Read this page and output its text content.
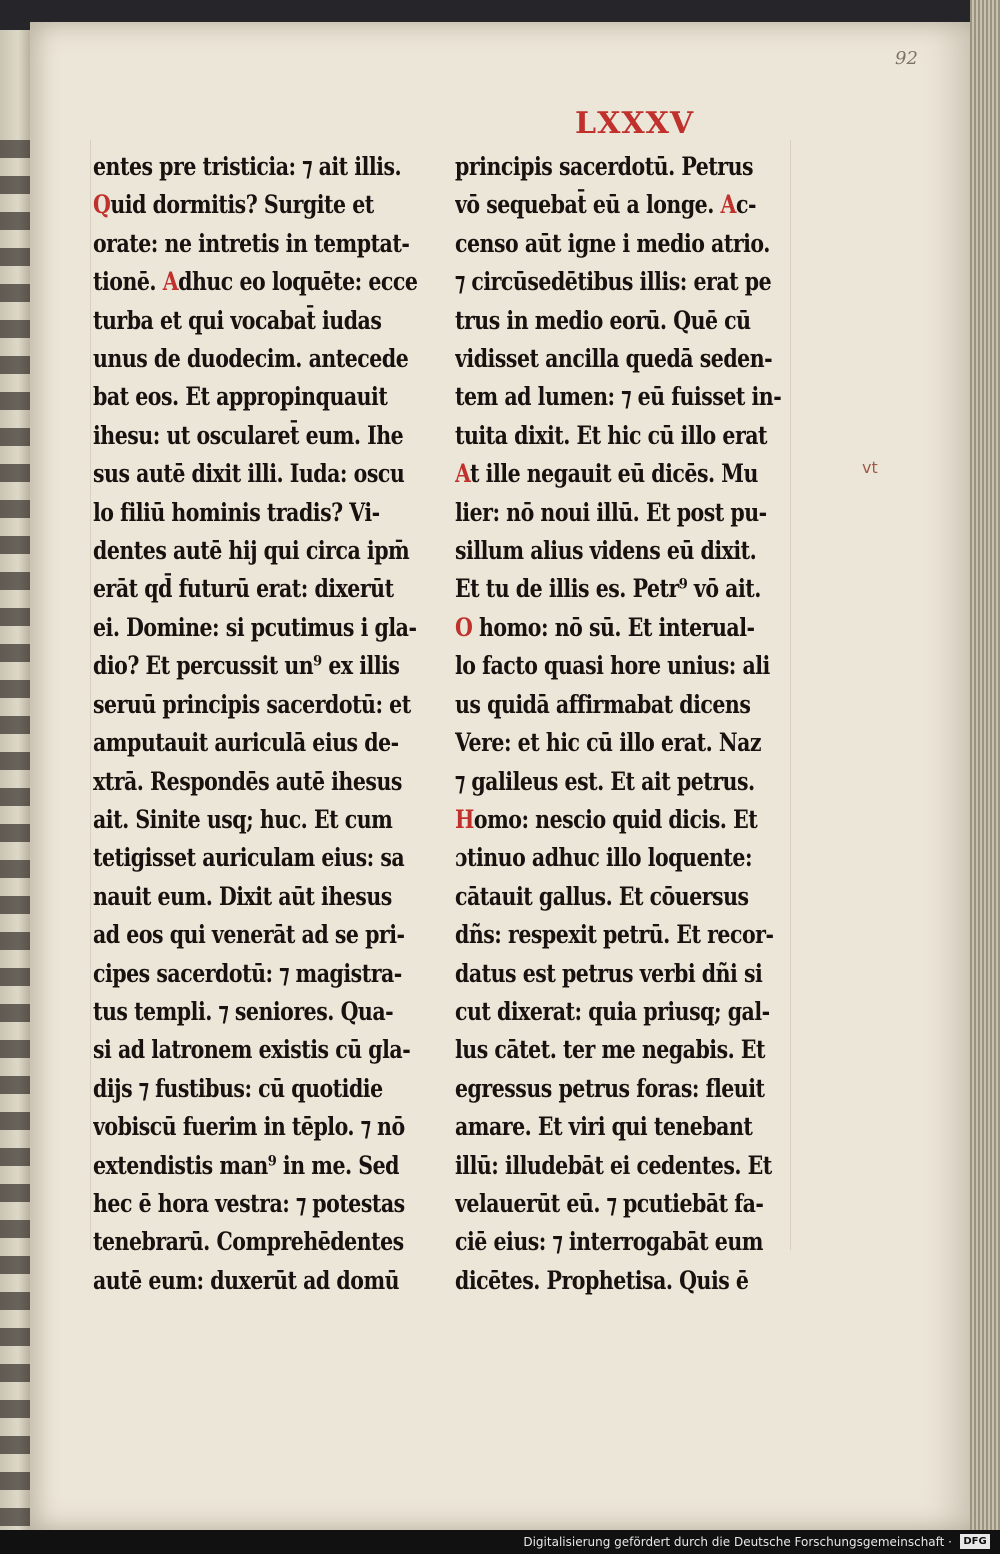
92
LXXXV
entes pre tristicia: ⁊ ait illis.
Quid dormitis? Surgite et
orate: ne intretis in temptat-
tionē. Adhuc eo loquēte: ecce
turba et qui vocabat̄ iudas
unus de duodecim. antecede
bat eos. Et appropinquauit
ihesu: ut oscularet̄ eum. Ihe
sus autē dixit illi. Iuda: oscu
lo filiū hominis tradis? Vi-
dentes autē hij qui circa ipm̄
erāt qd̄ futurū erat: dixerūt
ei. Domine: si pcutimus i gla-
dio? Et percussit un⁹ ex illis
seruū principis sacerdotū: et
amputauit auriculā eius de-
xtrā. Respondēs autē ihesus
ait. Sinite usq; huc. Et cum
tetigisset auriculam eius: sa
nauit eum. Dixit aūt ihesus
ad eos qui venerāt ad se pri-
cipes sacerdotū: ⁊ magistra-
tus templi. ⁊ seniores. Qua-
si ad latronem existis cū gla-
dijs ⁊ fustibus: cū quotidie
vobiscū fuerim in tēplo. ⁊ nō
extendistis man⁹ in me. Sed
hec ē hora vestra: ⁊ potestas
tenebrarū. Comprehēdentes
autē eum: duxerūt ad domū
principis sacerdotū. Petrus
vō sequebat̄ eū a longe. Ac-
censo aūt igne i medio atrio.
⁊ circūsedētibus illis: erat pe
trus in medio eorū. Quē cū
vidisset ancilla quedā seden-
tem ad lumen: ⁊ eū fuisset in-
tuita dixit. Et hic cū illo erat
At ille negauit eū dicēs. Mu
lier: nō noui illū. Et post pu-
sillum alius videns eū dixit.
Et tu de illis es. Petr⁹ vō ait.
O homo: nō sū. Et interual-
lo facto quasi hore unius: ali
us quidā affirmabat dicens
Vere: et hic cū illo erat. Naz
⁊ galileus est. Et ait petrus.
Homo: nescio quid dicis. Et
ɔtinuo adhuc illo loquente:
cātauit gallus. Et cōuersus
dñs: respexit petrū. Et recor-
datus est petrus verbi dñi si
cut dixerat: quia priusq; gal-
lus cātet. ter me negabis. Et
egressus petrus foras: fleuit
amare. Et viri qui tenebant
illū: illudebāt ei cedentes. Et
velauerūt eū. ⁊ pcutiebāt fa-
ciē eius: ⁊ interrogabāt eum
dicētes. Prophetisa. Quis ē
vt
Digitalisierung gefördert durch die Deutsche Forschungsgemeinschaft ·	DFG
